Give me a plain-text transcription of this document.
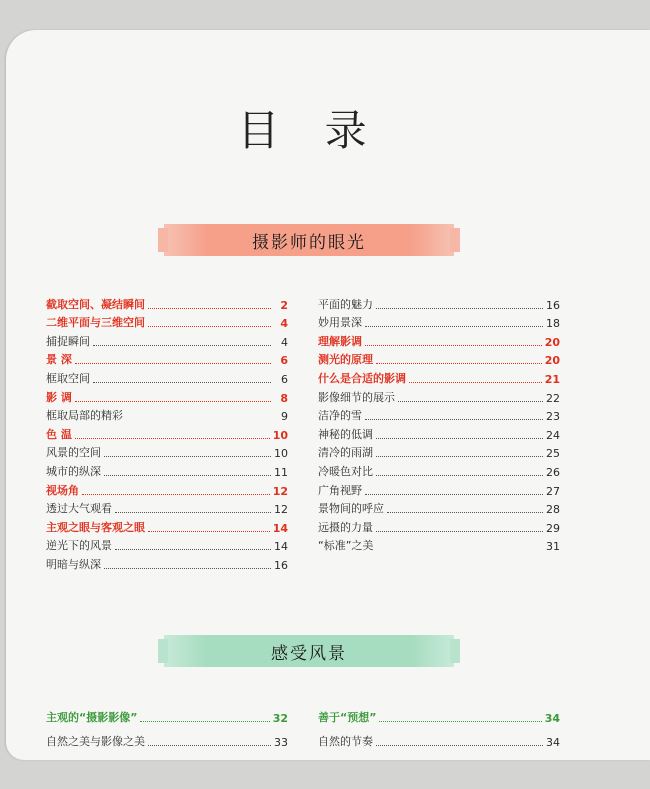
目 录
摄影师的眼光
截取空间、凝结瞬间	2
二维平面与三维空间	4
捕捉瞬间	4
景 深	6
框取空间	6
影 调	8
框取局部的精彩	9
色 温	10
风景的空间	10
城市的纵深	11
视场角	12
透过大气观看	12
主观之眼与客观之眼	14
逆光下的风景	14
明暗与纵深	16
平面的魅力	16
妙用景深	18
理解影调	20
测光的原理	20
什么是合适的影调	21
影像细节的展示	22
洁净的雪	23
神秘的低调	24
清冷的雨湖	25
冷暖色对比	26
广角视野	27
景物间的呼应	28
远摄的力量	29
“标准”之美	31
感受风景
主观的“摄影影像”	32
自然之美与影像之美	33
善于“预想”	34
自然的节奏	34
